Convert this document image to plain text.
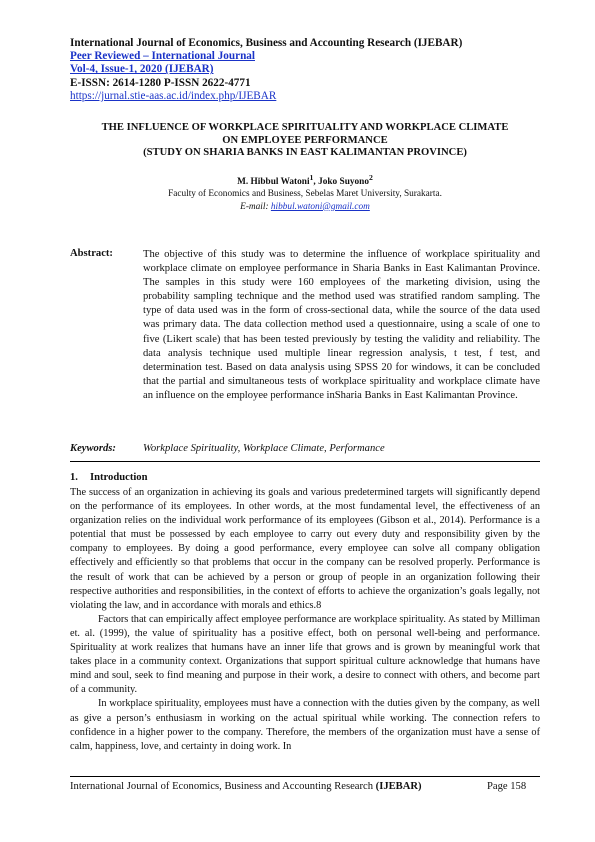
International Journal of Economics, Business and Accounting Research (IJEBAR)
Peer Reviewed – International Journal
Vol-4, Issue-1, 2020 (IJEBAR)
E-ISSN: 2614-1280 P-ISSN 2622-4771
https://jurnal.stie-aas.ac.id/index.php/IJEBAR
THE INFLUENCE OF WORKPLACE SPIRITUALITY AND WORKPLACE CLIMATE
ON EMPLOYEE PERFORMANCE
(STUDY ON SHARIA BANKS IN EAST KALIMANTAN PROVINCE)
M. Hibbul Watoni$^1$, Joko Suyono$^2$
Faculty of Economics and Business, Sebelas Maret University, Surakarta.
E-mail: hibbul.watoni@gmail.com
Abstract:	The objective of this study was to determine the influence of workplace spirituality and workplace climate on employee performance in Sharia Banks in East Kalimantan Province. The samples in this study were 160 employees of the marketing division, using the probability sampling technique and the method used was stratified random sampling. The type of data used was in the form of cross-sectional data, while the source of the data used was primary data. The data collection method used a questionnaire, using a scale of one to five (Likert scale) that has been tested previously by testing the validity and reliability. The data analysis technique used multiple linear regression analysis, t test, f test, and determination test. Based on data analysis using SPSS 20 for windows, it can be concluded that the partial and simultaneous tests of workplace spirituality and workplace climate have an influence on the employee performance inSharia Banks in East Kalimantan Province.
Keywords:	Workplace Spirituality, Workplace Climate, Performance
1. Introduction

The success of an organization in achieving its goals and various predetermined targets will significantly depend on the performance of its employees. In other words, at the most fundamental level, the effectiveness of an organization relies on the individual work performance of its employees (Gibson et al., 2014). Performance is a potential that must be possessed by each employee to carry out every duty and responsibility given by the company to employees. By doing a good performance, every employee can solve all company obligation effectively and efficiently so that problems that occur in the company can be resolved properly. Performance is the result of work that can be achieved by a person or group of people in an organization following their respective authorities and responsibilities, in the context of efforts to achieve the organization’s goals legally, not violating the law, and in accordance with morals and ethics.8

Factors that can empirically affect employee performance are workplace spirituality. As stated by Milliman et. al. (1999), the value of spirituality has a positive effect, both on personal well-being and performance. Spirituality at work realizes that humans have an inner life that grows and is grown by meaningful work that takes place in a community context. Organizations that support spiritual culture acknowledge that humans have mind and soul, seek to find meaning and purpose in their work, a desire to connect with others, and become part of a community.

In workplace spirituality, employees must have a connection with the duties given by the company, as well as give a person’s enthusiasm in working on the actual spiritual while working. The connection refers to confidence in a higher power to the company. Therefore, the members of the organization must have a sense of calm, happiness, love, and certainty in doing work. In

International Journal of Economics, Business and Accounting Research (IJEBAR)	Page 158
